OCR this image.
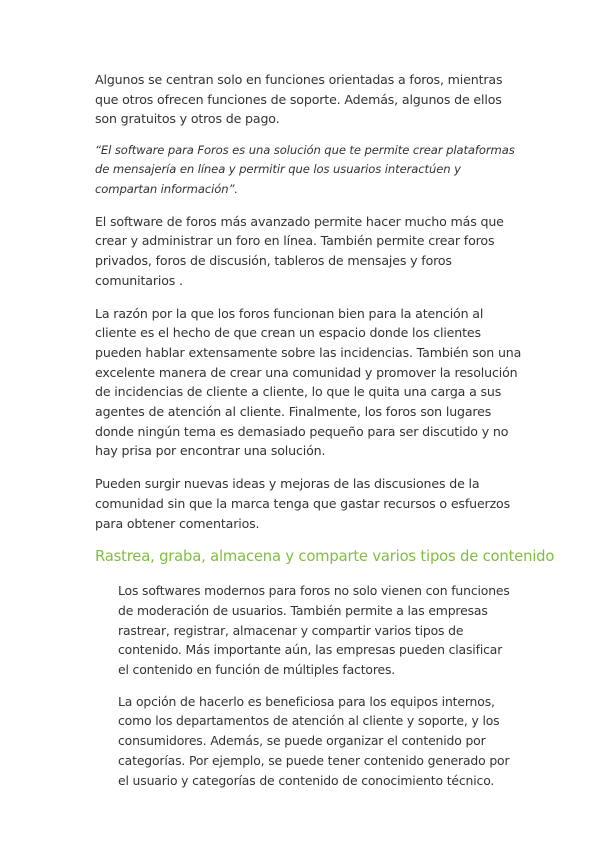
Algunos se centran solo en funciones orientadas a foros, mientras que otros ofrecen funciones de soporte. Además, algunos de ellos son gratuitos y otros de pago.

“El software para Foros es una solución que te permite crear plataformas de mensajería en línea y permitir que los usuarios interactúen y compartan información”.

El software de foros más avanzado permite hacer mucho más que crear y administrar un foro en línea. También permite crear foros privados, foros de discusión, tableros de mensajes y foros comunitarios .

La razón por la que los foros funcionan bien para la atención al cliente es el hecho de que crean un espacio donde los clientes pueden hablar extensamente sobre las incidencias. También son una excelente manera de crear una comunidad y promover la resolución de incidencias de cliente a cliente, lo que le quita una carga a sus agentes de atención al cliente. Finalmente, los foros son lugares donde ningún tema es demasiado pequeño para ser discutido y no hay prisa por encontrar una solución.

Pueden surgir nuevas ideas y mejoras de las discusiones de la comunidad sin que la marca tenga que gastar recursos o esfuerzos para obtener comentarios.

Rastrea, graba, almacena y comparte varios tipos de contenido

Los softwares modernos para foros no solo vienen con funciones de moderación de usuarios. También permite a las empresas rastrear, registrar, almacenar y compartir varios tipos de contenido. Más importante aún, las empresas pueden clasificar el contenido en función de múltiples factores.

La opción de hacerlo es beneficiosa para los equipos internos, como los departamentos de atención al cliente y soporte, y los consumidores. Además, se puede organizar el contenido por categorías. Por ejemplo, se puede tener contenido generado por el usuario y categorías de contenido de conocimiento técnico.
